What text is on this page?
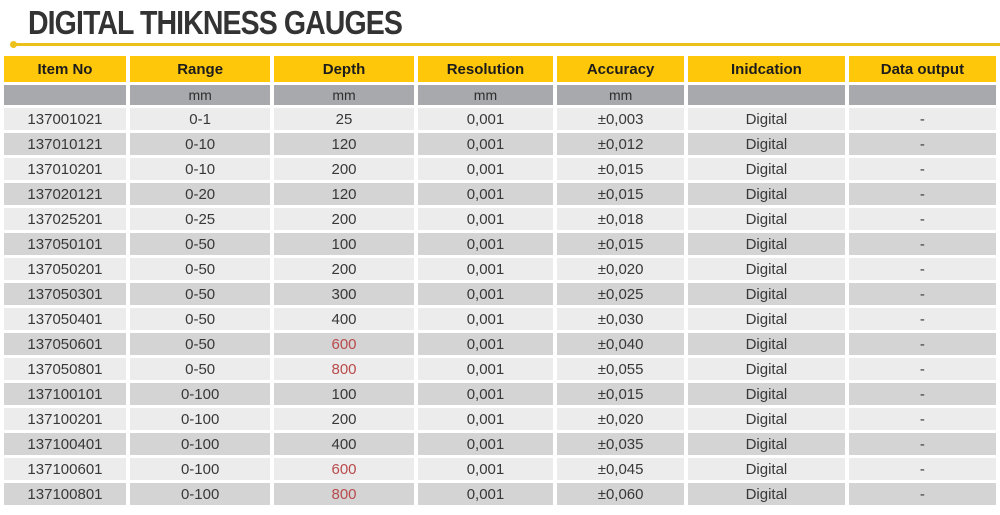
DIGITAL THIKNESS GAUGES
Item No	Range	Depth	Resolution	Accuracy	Inidcation	Data output
	mm	mm	mm	mm		
137001021	0-1	25	0,001	±0,003	Digital	-
137010121	0-10	120	0,001	±0,012	Digital	-
137010201	0-10	200	0,001	±0,015	Digital	-
137020121	0-20	120	0,001	±0,015	Digital	-
137025201	0-25	200	0,001	±0,018	Digital	-
137050101	0-50	100	0,001	±0,015	Digital	-
137050201	0-50	200	0,001	±0,020	Digital	-
137050301	0-50	300	0,001	±0,025	Digital	-
137050401	0-50	400	0,001	±0,030	Digital	-
137050601	0-50	600	0,001	±0,040	Digital	-
137050801	0-50	800	0,001	±0,055	Digital	-
137100101	0-100	100	0,001	±0,015	Digital	-
137100201	0-100	200	0,001	±0,020	Digital	-
137100401	0-100	400	0,001	±0,035	Digital	-
137100601	0-100	600	0,001	±0,045	Digital	-
137100801	0-100	800	0,001	±0,060	Digital	-
